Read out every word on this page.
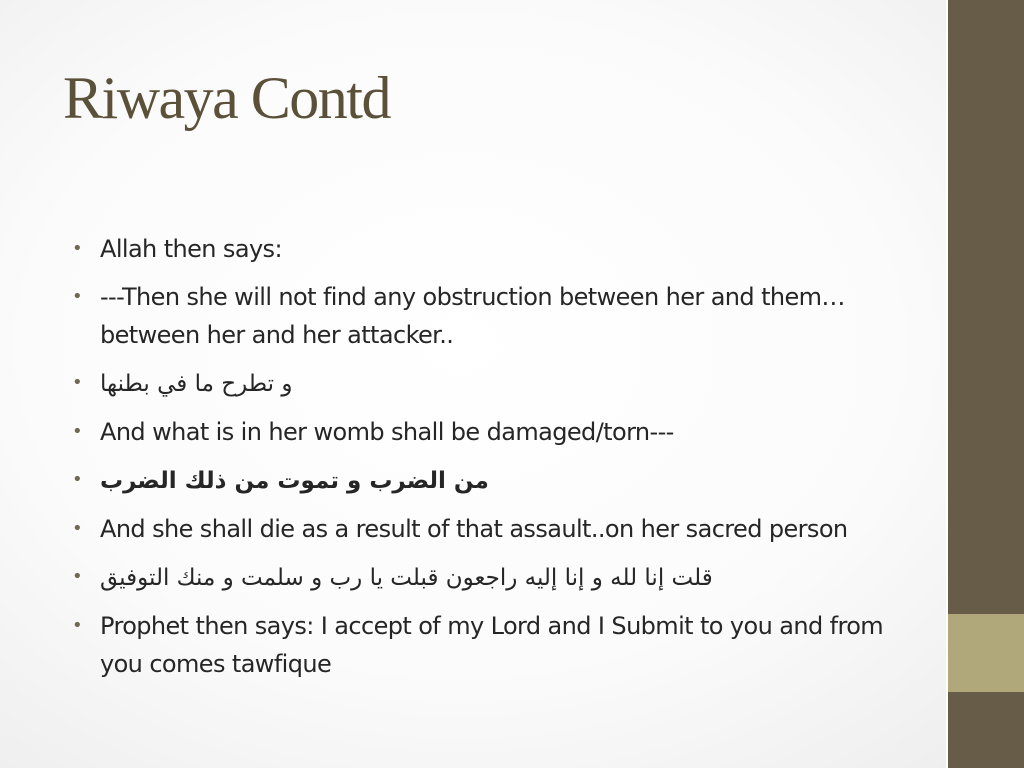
Riwaya Contd
• Allah then says:
• ---Then she will not find any obstruction between her and them…between her and her attacker..
• و تطرح ما في بطنها
• And what is in her womb shall be damaged/torn---
• من الضرب و تموت من ذلك الضرب
• And she shall die as a result of that assault..on her sacred person
• قلت إنا لله و إنا إليه راجعون قبلت يا رب و سلمت و منك التوفيق
• Prophet then says: I accept of my Lord and I Submit to you and from you comes tawfique
